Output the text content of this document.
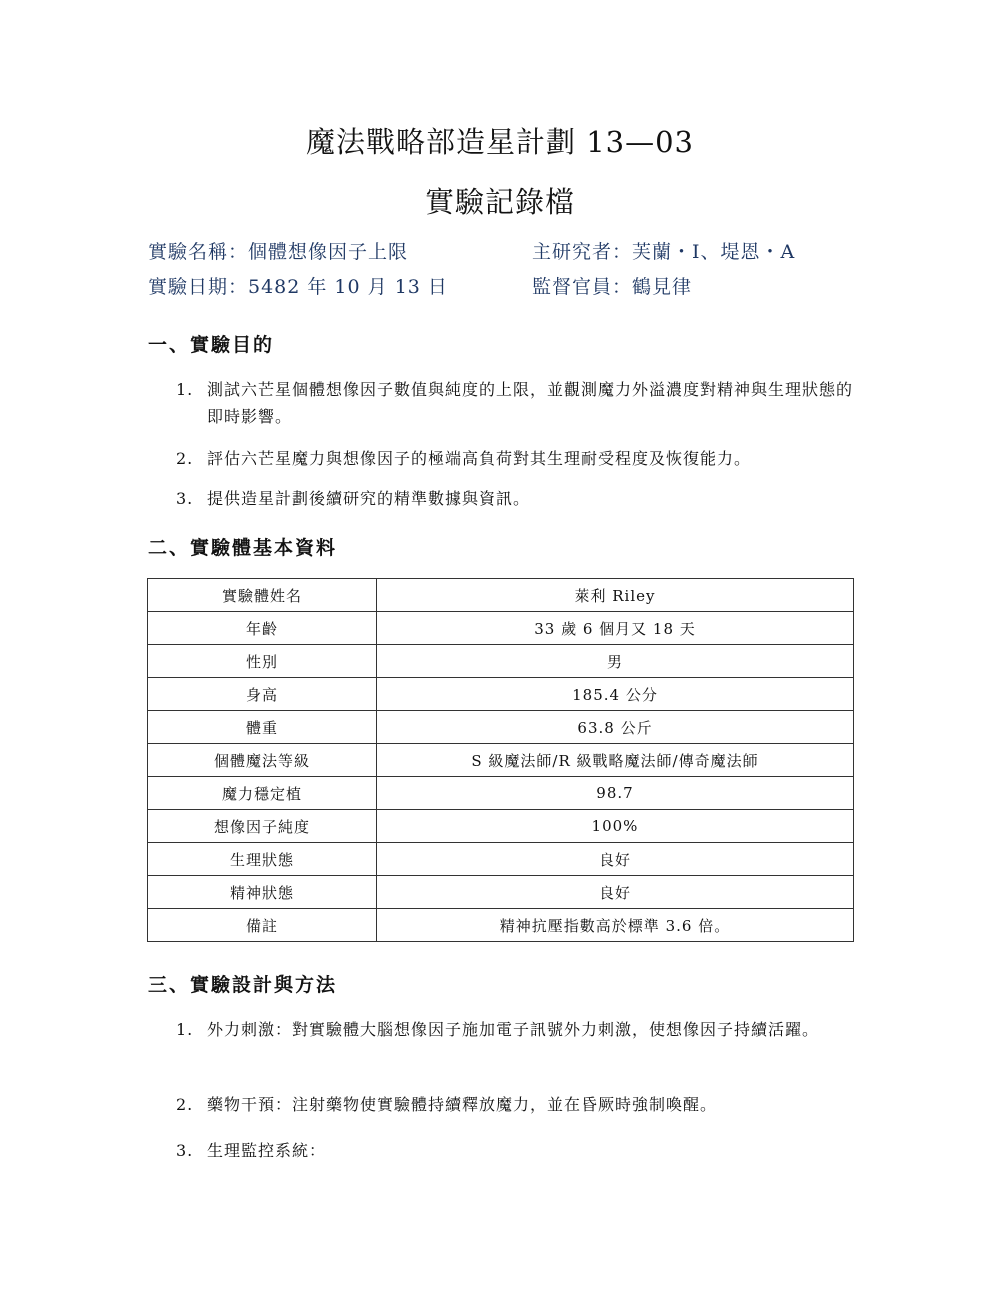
魔法戰略部造星計劃 13—03
實驗記錄檔
實驗名稱：個體想像因子上限
實驗日期：5482 年 10 月 13 日
主研究者：芙蘭・I、堤恩・A
監督官員：鶴見律
一、實驗目的
1. 測試六芒星個體想像因子數值與純度的上限，並觀測魔力外溢濃度對精神與生理狀態的即時影響。
2. 評估六芒星魔力與想像因子的極端高負荷對其生理耐受程度及恢復能力。
3. 提供造星計劃後續研究的精準數據與資訊。
二、實驗體基本資料
實驗體姓名	萊利 Riley
年齡	33 歲 6 個月又 18 天
性別	男
身高	185.4 公分
體重	63.8 公斤
個體魔法等級	S 級魔法師/R 級戰略魔法師/傳奇魔法師
魔力穩定植	98.7
想像因子純度	100%
生理狀態	良好
精神狀態	良好
備註	精神抗壓指數高於標準 3.6 倍。
三、實驗設計與方法
1. 外力刺激：對實驗體大腦想像因子施加電子訊號外力刺激，使想像因子持續活躍。
2. 藥物干預：注射藥物使實驗體持續釋放魔力，並在昏厥時強制喚醒。
3. 生理監控系統：
